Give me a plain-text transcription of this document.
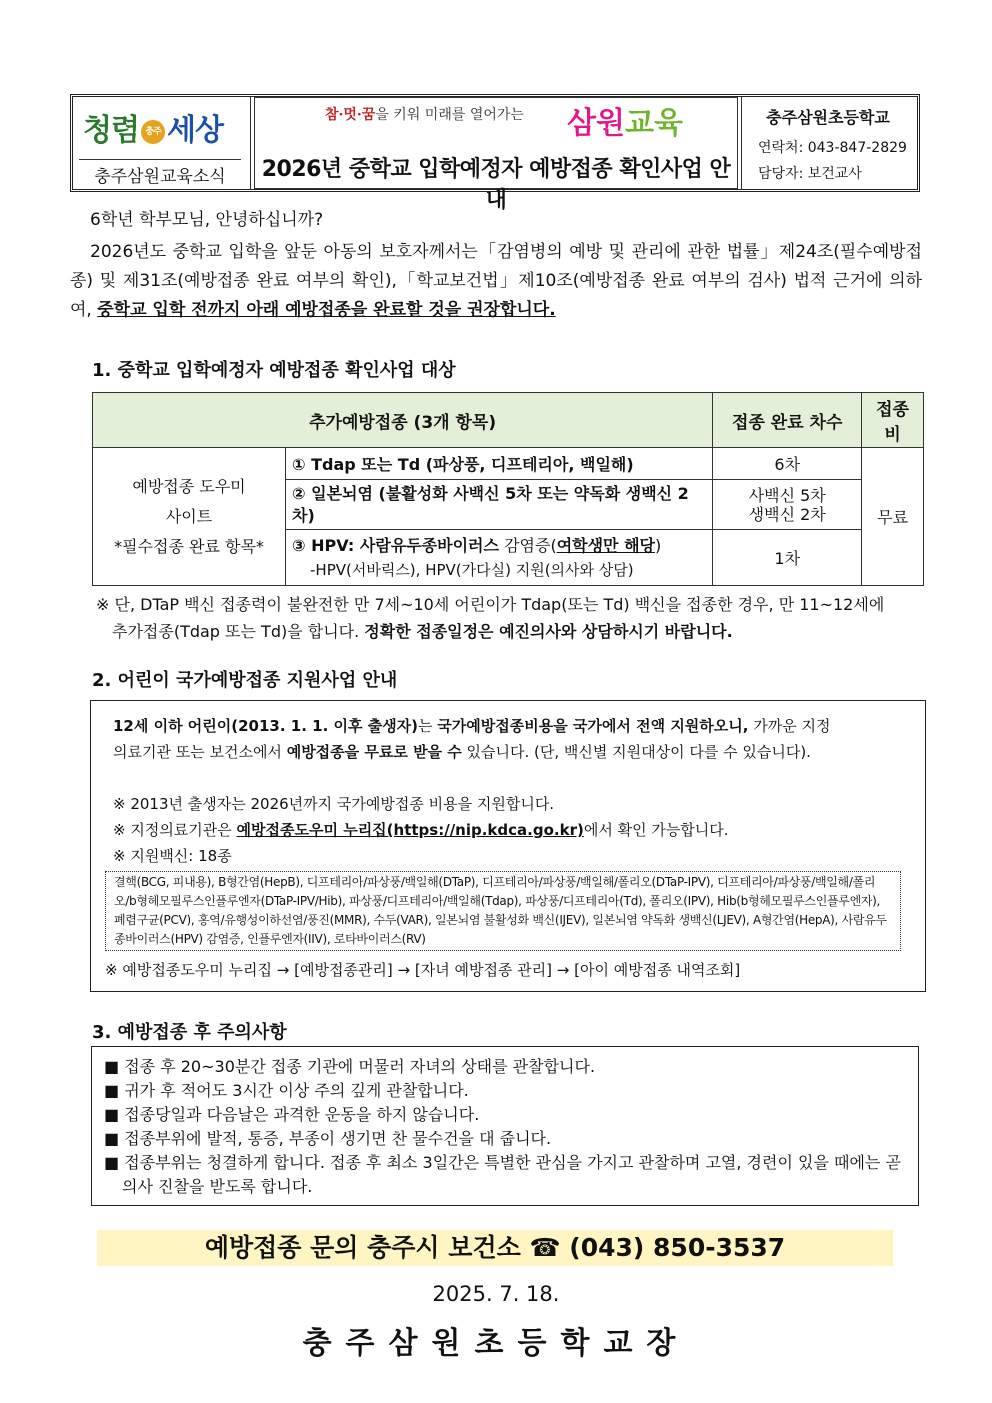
청렴 충주 세상
충주삼원교육소식
참·멋·꿈을 키워 미래를 열어가는 삼원교육
2026년 중학교 입학예정자 예방접종 확인사업 안내
충주삼원초등학교
연락처: 043-847-2829
담당자: 보건교사
6학년 학부모님, 안녕하십니까?
2026년도 중학교 입학을 앞둔 아동의 보호자께서는「감염병의 예방 및 관리에 관한 법률」제24조(필수예방접종) 및 제31조(예방접종 완료 여부의 확인),「학교보건법」제10조(예방접종 완료 여부의 검사) 법적 근거에 의하여, 중학교 입학 전까지 아래 예방접종을 완료할 것을 권장합니다.
1. 중학교 입학예정자 예방접종 확인사업 대상
추가예방접종 (3개 항목)		접종 완료 차수	접종비

예방접종 도우미
사이트
*필수접종 완료 항목*	① Tdap 또는 Td (파상풍, 디프테리아, 백일해)	6차	무료
	② 일본뇌염 (불활성화 사백신 5차 또는 약독화 생백신 2차)	사백신 5차
생백신 2차	

	③ HPV: 사람유두종바이러스 감염증(여학생만 해당)
-HPV(서바릭스), HPV(가다실) 지원(의사와 상담)	1차	
※ 단, DTaP 백신 접종력이 불완전한 만 7세~10세 어린이가 Tdap(또는 Td) 백신을 접종한 경우, 만 11~12세에
추가접종(Tdap 또는 Td)을 합니다. 정확한 접종일정은 예진의사와 상담하시기 바랍니다.
2. 어린이 국가예방접종 지원사업 안내
12세 이하 어린이(2013. 1. 1. 이후 출생자)는 국가예방접종비용을 국가에서 전액 지원하오니, 가까운 지정
의료기관 또는 보건소에서 예방접종을 무료로 받을 수 있습니다. (단, 백신별 지원대상이 다를 수 있습니다).
※ 2013년 출생자는 2026년까지 국가예방접종 비용을 지원합니다.
※ 지정의료기관은 예방접종도우미 누리집(https://nip.kdca.go.kr)에서 확인 가능합니다.
※ 지원백신: 18종
결핵(BCG, 피내용), B형간염(HepB), 디프테리아/파상풍/백일해(DTaP), 디프테리아/파상풍/백일해/폴리오(DTaP-IPV), 디프테리아/파상풍/백일해/폴리오/b형헤모필루스인플루엔자(DTaP-IPV/Hib), 파상풍/디프테리아/백일해(Tdap), 파상풍/디프테리아(Td), 폴리오(IPV), Hib(b형헤모필루스인플루엔자), 폐렴구균(PCV), 홍역/유행성이하선염/풍진(MMR), 수두(VAR), 일본뇌염 불활성화 백신(IJEV), 일본뇌염 약독화 생백신(LJEV), A형간염(HepA), 사람유두종바이러스(HPV) 감염증, 인플루엔자(IIV), 로타바이러스(RV)
※ 예방접종도우미 누리집 → [예방접종관리] → [자녀 예방접종 관리] → [아이 예방접종 내역조회]
3. 예방접종 후 주의사항
■ 접종 후 20~30분간 접종 기관에 머물러 자녀의 상태를 관찰합니다.
■ 귀가 후 적어도 3시간 이상 주의 깊게 관찰합니다.
■ 접종당일과 다음날은 과격한 운동을 하지 않습니다.
■ 접종부위에 발적, 통증, 부종이 생기면 찬 물수건을 대 줍니다.
■ 접종부위는 청결하게 합니다. 접종 후 최소 3일간은 특별한 관심을 가지고 관찰하며 고열, 경련이 있을 때에는 곧 의사 진찰을 받도록 합니다.
예방접종 문의 충주시 보건소 ☎ (043) 850-3537
2025. 7. 18.
충주삼원초등학교장
